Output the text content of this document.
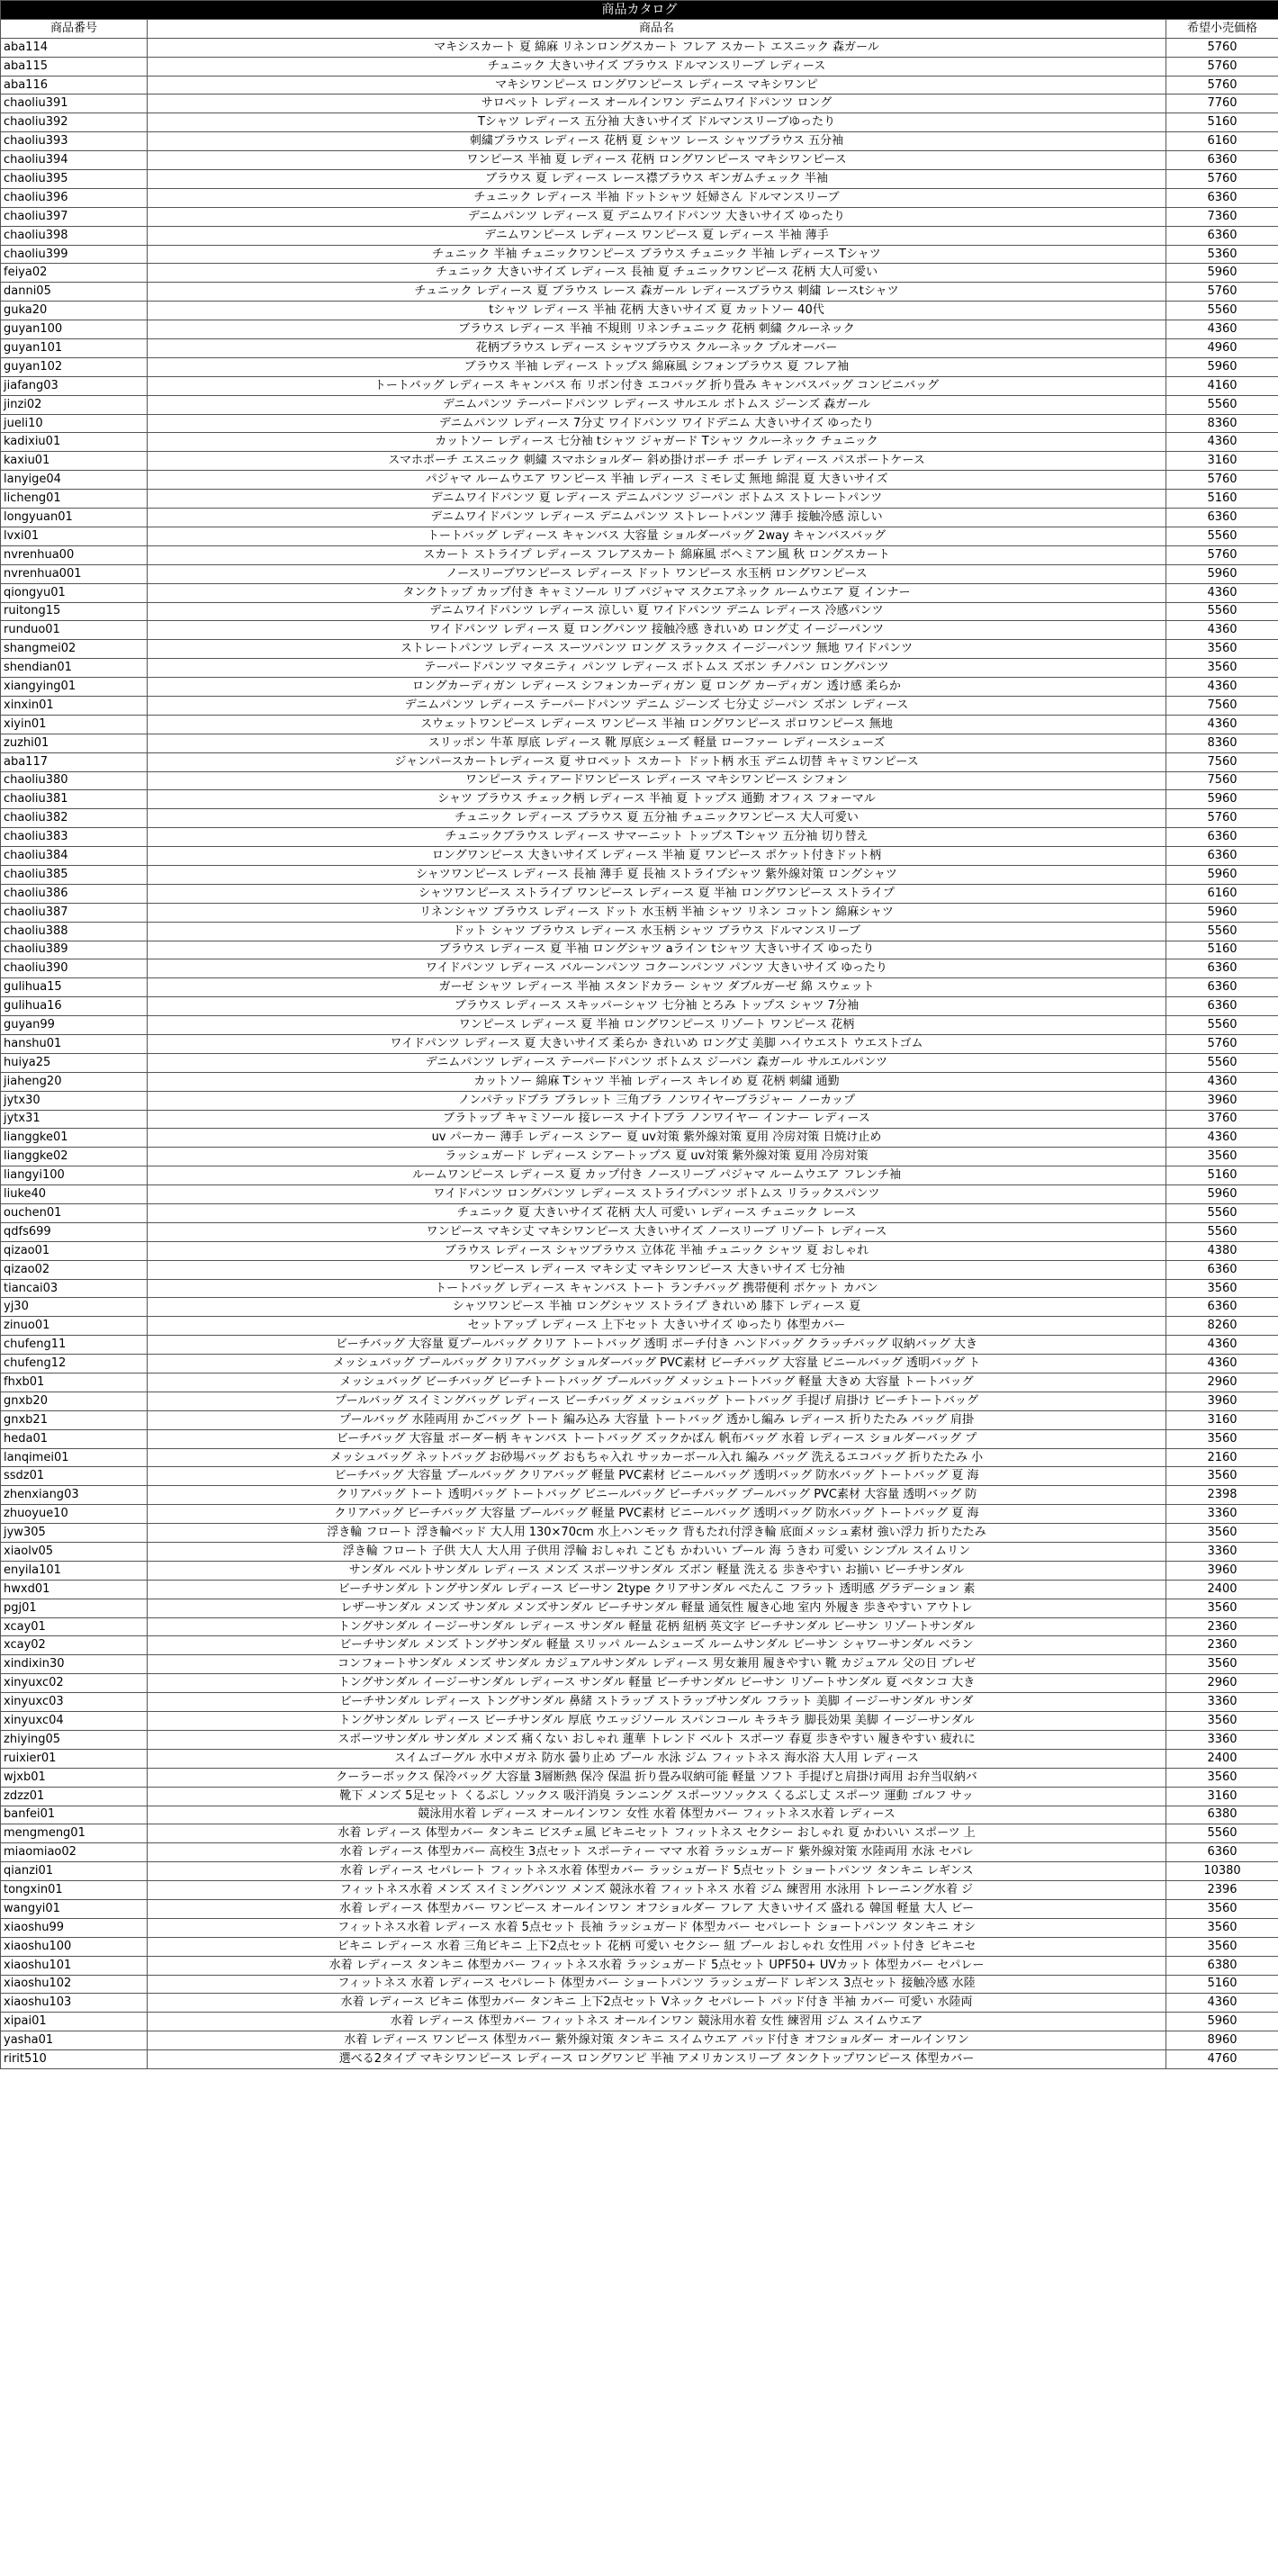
商品カタログ		
商品番号	商品名	希望小売価格
aba114	マキシスカート 夏 綿麻 リネンロングスカート フレア スカート エスニック 森ガール	5760
aba115	チュニック 大きいサイズ ブラウス ドルマンスリーブ レディース	5760
aba116	マキシワンピース ロングワンピース レディース マキシワンピ	5760
chaoliu391	サロペット レディース オールインワン デニムワイドパンツ ロング	7760
chaoliu392	Tシャツ レディース 五分袖 大きいサイズ ドルマンスリーブゆったり	5160
chaoliu393	刺繍ブラウス レディース 花柄 夏 シャツ レース シャツブラウス 五分袖	6160
chaoliu394	ワンピース 半袖 夏 レディース 花柄 ロングワンピース マキシワンピース	6360
chaoliu395	ブラウス 夏 レディース レース襟ブラウス ギンガムチェック 半袖	5760
chaoliu396	チュニック レディース 半袖 ドットシャツ 妊婦さん ドルマンスリーブ	6360
chaoliu397	デニムパンツ レディース 夏 デニムワイドパンツ 大きいサイズ ゆったり	7360
chaoliu398	デニムワンピース レディース ワンピース 夏 レディース 半袖 薄手	6360
chaoliu399	チュニック 半袖 チュニックワンピース ブラウス チュニック 半袖 レディース Tシャツ	5360
feiya02	チュニック 大きいサイズ レディース 長袖 夏 チュニックワンピース 花柄 大人可愛い	5960
danni05	チュニック レディース 夏 ブラウス レース 森ガール レディースブラウス 刺繍 レースtシャツ	5760
guka20	tシャツ レディース 半袖 花柄 大きいサイズ 夏 カットソー 40代	5560
guyan100	ブラウス レディース 半袖 不規則 リネンチュニック 花柄 刺繍 クルーネック	4360
guyan101	花柄ブラウス レディース シャツブラウス クルーネック プルオーバー	4960
guyan102	ブラウス 半袖 レディース トップス 綿麻風 シフォンブラウス 夏 フレア袖	5960
jiafang03	トートバッグ レディース キャンバス 布 リボン付き エコバッグ 折り畳み キャンバスバッグ コンビニバッグ	4160
jinzi02	デニムパンツ テーパードパンツ レディース サルエル ボトムス ジーンズ 森ガール	5560
jueli10	デニムパンツ レディース 7分丈 ワイドパンツ ワイドデニム 大きいサイズ ゆったり	8360
kadixiu01	カットソー レディース 七分袖 tシャツ ジャガード Tシャツ クルーネック チュニック	4360
kaxiu01	スマホポーチ エスニック 刺繍 スマホショルダー 斜め掛けポーチ ポーチ レディース パスポートケース	3160
lanyige04	パジャマ ルームウエア ワンピース 半袖 レディース ミモレ丈 無地 綿混 夏 大きいサイズ	5760
licheng01	デニムワイドパンツ 夏 レディース デニムパンツ ジーパン ボトムス ストレートパンツ	5160
longyuan01	デニムワイドパンツ レディース デニムパンツ ストレートパンツ 薄手 接触冷感 涼しい	6360
lvxi01	トートバッグ レディース キャンバス 大容量 ショルダーバッグ 2way キャンバスバッグ	5560
nvrenhua00	スカート ストライプ レディース フレアスカート 綿麻風 ボヘミアン風 秋 ロングスカート	5760
nvrenhua001	ノースリーブワンピース レディース ドット ワンピース 水玉柄 ロングワンピース	5960
qiongyu01	タンクトップ カップ付き キャミソール リブ パジャマ スクエアネック ルームウエア 夏 インナー	4360
ruitong15	デニムワイドパンツ レディース 涼しい 夏 ワイドパンツ デニム レディース 冷感パンツ	5560
runduo01	ワイドパンツ レディース 夏 ロングパンツ 接触冷感 きれいめ ロング丈 イージーパンツ	4360
shangmei02	ストレートパンツ レディース スーツパンツ ロング スラックス イージーパンツ 無地 ワイドパンツ	3560
shendian01	テーパードパンツ マタニティ パンツ レディース ボトムス ズボン チノパン ロングパンツ	3560
xiangying01	ロングカーディガン レディース シフォンカーディガン 夏 ロング カーディガン 透け感 柔らか	4360
xinxin01	デニムパンツ レディース テーパードパンツ デニム ジーンズ 七分丈 ジーパン ズボン レディース	7560
xiyin01	スウェットワンピース レディース ワンピース 半袖 ロングワンピース ポロワンピース 無地	4360
zuzhi01	スリッポン 牛革 厚底 レディース 靴 厚底シューズ 軽量 ローファー レディースシューズ	8360
aba117	ジャンパースカートレディース 夏 サロペット スカート ドット柄 水玉 デニム切替 キャミワンピース	7560
chaoliu380	ワンピース ティアードワンピース レディース マキシワンピース シフォン	7560
chaoliu381	シャツ ブラウス チェック柄 レディース 半袖 夏 トップス 通勤 オフィス フォーマル	5960
chaoliu382	チュニック レディース ブラウス 夏 五分袖 チュニックワンピース 大人可愛い	5760
chaoliu383	チュニックブラウス レディース サマーニット トップス Tシャツ 五分袖 切り替え	6360
chaoliu384	ロングワンピース 大きいサイズ レディース 半袖 夏 ワンピース ポケット付きドット柄	6360
chaoliu385	シャツワンピース レディース 長袖 薄手 夏 長袖 ストライプシャツ 紫外線対策 ロングシャツ	5960
chaoliu386	シャツワンピース ストライプ ワンピース レディース 夏 半袖 ロングワンピース ストライプ	6160
chaoliu387	リネンシャツ ブラウス レディース ドット 水玉柄 半袖 シャツ リネン コットン 綿麻シャツ	5960
chaoliu388	ドット シャツ ブラウス レディース 水玉柄 シャツ ブラウス ドルマンスリーブ	5560
chaoliu389	ブラウス レディース 夏 半袖 ロングシャツ aライン tシャツ 大きいサイズ ゆったり	5160
chaoliu390	ワイドパンツ レディース バルーンパンツ コクーンパンツ パンツ 大きいサイズ ゆったり	6360
gulihua15	ガーゼ シャツ レディース 半袖 スタンドカラー シャツ ダブルガーゼ 綿 スウェット	6360
gulihua16	ブラウス レディース スキッパーシャツ 七分袖 とろみ トップス シャツ 7分袖	6360
guyan99	ワンピース レディース 夏 半袖 ロングワンピース リゾート ワンピース 花柄	5560
hanshu01	ワイドパンツ レディース 夏 大きいサイズ 柔らか きれいめ ロング丈 美脚 ハイウエスト ウエストゴム	5760
huiya25	デニムパンツ レディース テーパードパンツ ボトムス ジーパン 森ガール サルエルパンツ	5560
jiaheng20	カットソー 綿麻 Tシャツ 半袖 レディース キレイめ 夏 花柄 刺繍 通勤	4360
jytx30	ノンパテッドブラ ブラレット 三角ブラ ノンワイヤーブラジャー ノーカップ	3960
jytx31	ブラトップ キャミソール 接レース ナイトブラ ノンワイヤー インナー レディース	3760
lianggke01	uv パーカー 薄手 レディース シアー 夏 uv対策 紫外線対策 夏用 冷房対策 日焼け止め	4360
lianggke02	ラッシュガード レディース シアートップス 夏 uv対策 紫外線対策 夏用 冷房対策	3560
liangyi100	ルームワンピース レディース 夏 カップ付き ノースリーブ パジャマ ルームウエア フレンチ袖	5160
liuke40	ワイドパンツ ロングパンツ レディース ストライプパンツ ボトムス リラックスパンツ	5960
ouchen01	チュニック 夏 大きいサイズ 花柄 大人 可愛い レディース チュニック レース	5560
qdfs699	ワンピース マキシ丈 マキシワンピース 大きいサイズ ノースリーブ リゾート レディース	5560
qizao01	ブラウス レディース シャツブラウス 立体花 半袖 チュニック シャツ 夏 おしゃれ	4380
qizao02	ワンピース レディース マキシ丈 マキシワンピース 大きいサイズ 七分袖	6360
tiancai03	トートバッグ レディース キャンバス トート ランチバッグ 携帯便利 ポケット カバン	3560
yj30	シャツワンピース 半袖 ロングシャツ ストライプ きれいめ 膝下 レディース 夏	6360
zinuo01	セットアップ レディース 上下セット 大きいサイズ ゆったり 体型カバー	8260
chufeng11	ビーチバッグ 大容量 夏プールバッグ クリア トートバッグ 透明 ポーチ付き ハンドバッグ クラッチバッグ 収納バッグ 大き	4360
chufeng12	メッシュバッグ プールバッグ クリアバッグ ショルダーバッグ PVC素材 ビーチバッグ 大容量 ビニールバッグ 透明バッグ ト	4360
fhxb01	メッシュバッグ ビーチバッグ ビーチトートバッグ プールバッグ メッシュトートバッグ 軽量 大きめ 大容量 トートバッグ	2960
gnxb20	プールバッグ スイミングバッグ レディース ビーチバッグ メッシュバッグ トートバッグ 手提げ 肩掛け ビーチトートバッグ	3960
gnxb21	プールバッグ 水陸両用 かごバッグ トート 編み込み 大容量 トートバッグ 透かし編み レディース 折りたたみ バッグ 肩掛	3160
heda01	ビーチバッグ 大容量 ボーダー柄 キャンバス トートバッグ ズックかばん 帆布バッグ 水着 レディース ショルダーバッグ プ	3560
lanqimei01	メッシュバッグ ネットバッグ お砂場バッグ おもちゃ入れ サッカーボール入れ 編み バッグ 洗えるエコバッグ 折りたたみ 小	2160
ssdz01	ビーチバッグ 大容量 プールバッグ クリアバッグ 軽量 PVC素材 ビニールバッグ 透明バッグ 防水バッグ トートバッグ 夏 海	3560
zhenxiang03	クリアバッグ トート 透明バッグ トートバッグ ビニールバッグ ビーチバッグ プールバッグ PVC素材 大容量 透明バッグ 防	2398
zhuoyue10	クリアバッグ ビーチバッグ 大容量 プールバッグ 軽量 PVC素材 ビニールバッグ 透明バッグ 防水バッグ トートバッグ 夏 海	3360
jyw305	浮き輪 フロート 浮き輪ベッド 大人用 130×70cm 水上ハンモック 背もたれ付浮き輪 底面メッシュ素材 強い浮力 折りたたみ	3560
xiaolv05	浮き輪 フロート 子供 大人 大人用 子供用 浮輪 おしゃれ こども かわいい プール 海 うきわ 可愛い シンプル スイムリン	3360
enyila101	サンダル ベルトサンダル レディース メンズ スポーツサンダル ズボン 軽量 洗える 歩きやすい お揃い ビーチサンダル	3960
hwxd01	ビーチサンダル トングサンダル レディース ビーサン 2type クリアサンダル ぺたんこ フラット 透明感 グラデーション 素	2400
pgj01	レザーサンダル メンズ サンダル メンズサンダル ビーチサンダル 軽量 通気性 履き心地 室内 外履き 歩きやすい アウトレ	3560
xcay01	トングサンダル イージーサンダル レディース サンダル 軽量 花柄 紐柄 英文字 ビーチサンダル ビーサン リゾートサンダル	2360
xcay02	ビーチサンダル メンズ トングサンダル 軽量 スリッパ ルームシューズ ルームサンダル ビーサン シャワーサンダル ベラン	2360
xindixin30	コンフォートサンダル メンズ サンダル カジュアルサンダル レディース 男女兼用 履きやすい 靴 カジュアル 父の日 プレゼ	3560
xinyuxc02	トングサンダル イージーサンダル レディース サンダル 軽量 ビーチサンダル ビーサン リゾートサンダル 夏 ペタンコ 大き	2960
xinyuxc03	ビーチサンダル レディース トングサンダル 鼻緒 ストラップ ストラップサンダル フラット 美脚 イージーサンダル サンダ	3360
xinyuxc04	トングサンダル レディース ビーチサンダル 厚底 ウエッジソール スパンコール キラキラ 脚長効果 美脚 イージーサンダル	3560
zhiying05	スポーツサンダル サンダル メンズ 痛くない おしゃれ 蓮華 トレンド ベルト スポーツ 春夏 歩きやすい 履きやすい 疲れに	3360
ruixier01	スイムゴーグル 水中メガネ 防水 曇り止め プール 水泳 ジム フィットネス 海水浴 大人用 レディース	2400
wjxb01	クーラーボックス 保冷バッグ 大容量 3層断熱 保冷 保温 折り畳み収納可能 軽量 ソフト 手提げと肩掛け両用 お弁当収納バ	3560
zdzz01	靴下 メンズ 5足セット くるぶし ソックス 吸汗消臭 ランニング スポーツソックス くるぶし丈 スポーツ 運動 ゴルフ サッ	3160
banfei01	競泳用水着 レディース オールインワン 女性 水着 体型カバー フィットネス水着 レディース	6380
mengmeng01	水着 レディース 体型カバー タンキニ ビスチェ風 ビキニセット フィットネス セクシー おしゃれ 夏 かわいい スポーツ 上	5560
miaomiao02	水着 レディース 体型カバー 高校生 3点セット スポーティー ママ 水着 ラッシュガード 紫外線対策 水陸両用 水泳 セパレ	6360
qianzi01	水着 レディース セパレート フィットネス水着 体型カバー ラッシュガード 5点セット ショートパンツ タンキニ レギンス	10380
tongxin01	フィットネス水着 メンズ スイミングパンツ メンズ 競泳水着 フィットネス 水着 ジム 練習用 水泳用 トレーニング水着 ジ	2396
wangyi01	水着 レディース 体型カバー ワンピース オールインワン オフショルダー フレア 大きいサイズ 盛れる 韓国 軽量 大人 ビー	3560
xiaoshu99	フィットネス水着 レディース 水着 5点セット 長袖 ラッシュガード 体型カバー セパレート ショートパンツ タンキニ オシ	3560
xiaoshu100	ビキニ レディース 水着 三角ビキニ 上下2点セット 花柄 可愛い セクシー 紐 プール おしゃれ 女性用 パット付き ビキニセ	3560
xiaoshu101	水着 レディース タンキニ 体型カバー フィットネス水着 ラッシュガード 5点セット UPF50+ UVカット 体型カバー セパレー	6380
xiaoshu102	フィットネス 水着 レディース セパレート 体型カバー ショートパンツ ラッシュガード レギンス 3点セット 接触冷感 水陸	5160
xiaoshu103	水着 レディース ビキニ 体型カバー タンキニ 上下2点セット Vネック セパレート パッド付き 半袖 カバー 可愛い 水陸両	4360
xipai01	水着 レディース 体型カバー フィットネス オールインワン 競泳用水着 女性 練習用 ジム スイムウエア	5960
yasha01	水着 レディース ワンピース 体型カバー 紫外線対策 タンキニ スイムウエア パッド付き オフショルダー オールインワン	8960
ririt510	選べる2タイプ マキシワンピース レディース ロングワンピ 半袖 アメリカンスリーブ タンクトップワンピース 体型カバー	4760
